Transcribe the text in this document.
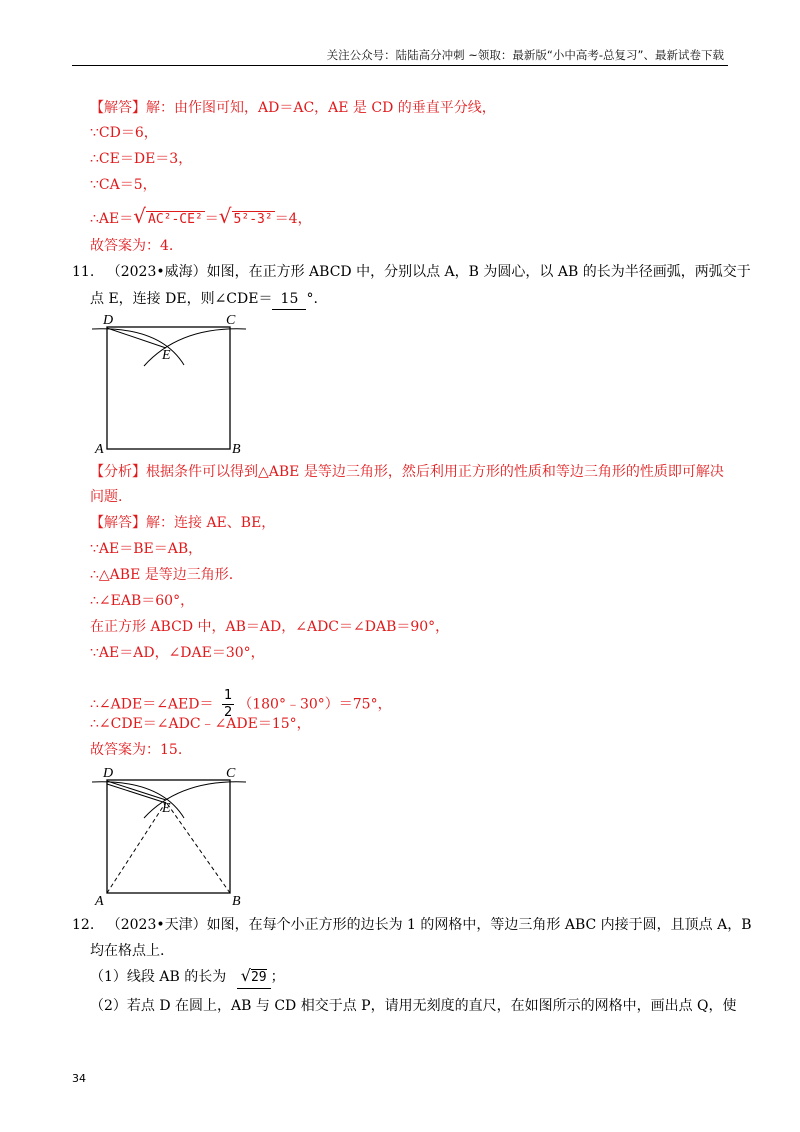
关注公众号：陆陆高分冲刺 ~领取：最新版“小中高考-总复习”、最新试卷下载
【解答】解：由作图可知，AD＝AC，AE 是 CD 的垂直平分线，
∵CD＝6，
∴CE＝DE＝3，
∵CA＝5，
∴AE＝√ AC²-CE² ＝√ 5²-3² ＝4，
故答案为：4.
11. （2023•威海）如图，在正方形 ABCD 中，分别以点 A，B 为圆心，以 AB 的长为半径画弧，两弧交于
点 E，连接 DE，则∠CDE＝ 15 °.
D	C
E
A	B
【分析】根据条件可以得到△ABE 是等边三角形，然后利用正方形的性质和等边三角形的性质即可解决
问题.
【解答】解：连接 AE、BE，
∵AE＝BE＝AB，
∴△ABE 是等边三角形.
∴∠EAB＝60°，
在正方形 ABCD 中，AB＝AD，∠ADC＝∠DAB＝90°，
∵AE＝AD，∠DAE＝30°，
∴∠ADE＝∠AED＝ $\frac{1}{2}$ （180°﹣30°）＝75°，
∴∠CDE＝∠ADC﹣∠ADE＝15°，
故答案为：15.
D	C
E
A	B
12. （2023•天津）如图，在每个小正方形的边长为 1 的网格中，等边三角形 ABC 内接于圆，且顶点 A，B
均在格点上.
（1）线段 AB 的长为 √29 ；
（2）若点 D 在圆上，AB 与 CD 相交于点 P，请用无刻度的直尺，在如图所示的网格中，画出点 Q，使
34
